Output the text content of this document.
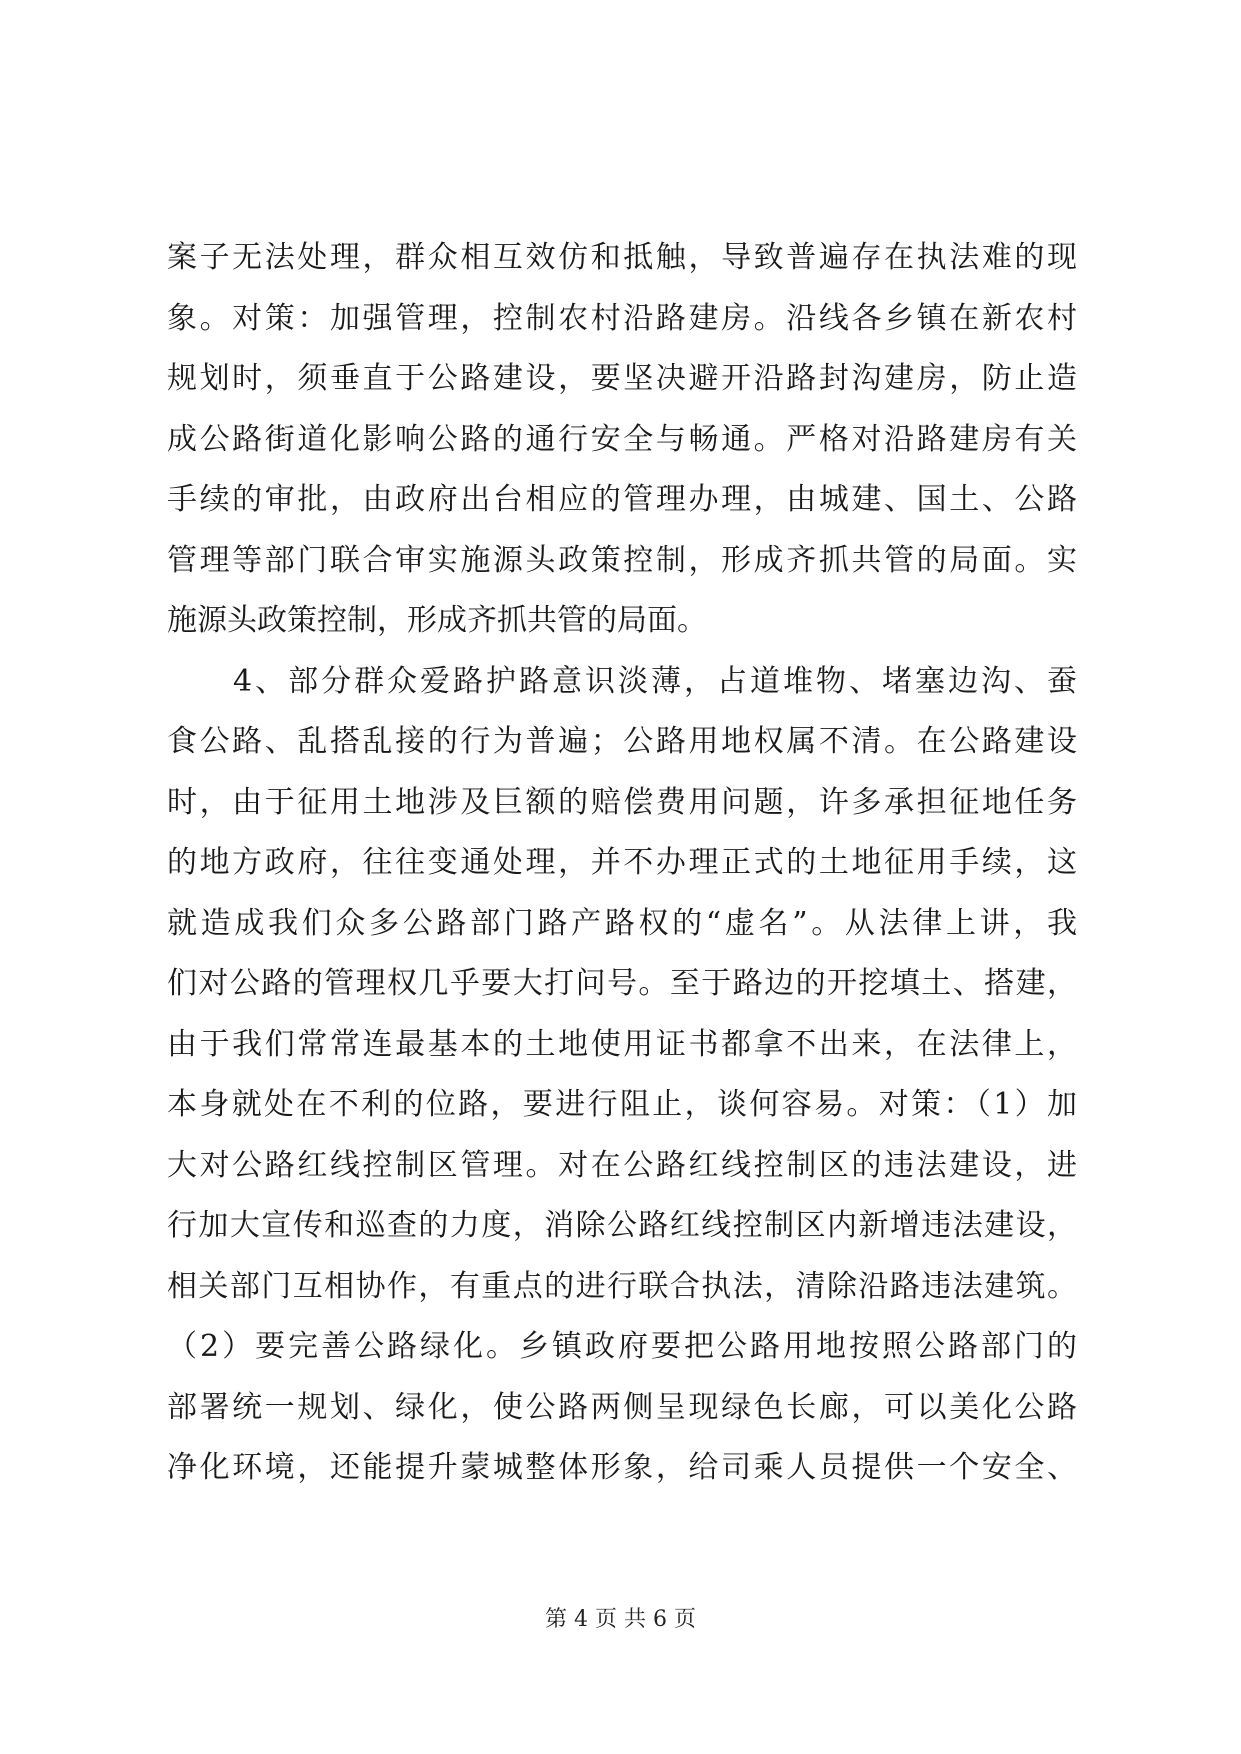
案子无法处理，群众相互效仿和抵触，导致普遍存在执法难的现
象。对策：加强管理，控制农村沿路建房。沿线各乡镇在新农村
规划时，须垂直于公路建设，要坚决避开沿路封沟建房，防止造
成公路街道化影响公路的通行安全与畅通。严格对沿路建房有关
手续的审批，由政府出台相应的管理办理，由城建、国土、公路
管理等部门联合审实施源头政策控制，形成齐抓共管的局面。实
施源头政策控制，形成齐抓共管的局面。
　　4、部分群众爱路护路意识淡薄，占道堆物、堵塞边沟、蚕
食公路、乱搭乱接的行为普遍；公路用地权属不清。在公路建设
时，由于征用土地涉及巨额的赔偿费用问题，许多承担征地任务
的地方政府，往往变通处理，并不办理正式的土地征用手续，这
就造成我们众多公路部门路产路权的“虚名”。从法律上讲，我
们对公路的管理权几乎要大打问号。至于路边的开挖填土、搭建，
由于我们常常连最基本的土地使用证书都拿不出来，在法律上，
本身就处在不利的位路，要进行阻止，谈何容易。对策：（1）加
大对公路红线控制区管理。对在公路红线控制区的违法建设，进
行加大宣传和巡查的力度，消除公路红线控制区内新增违法建设，
相关部门互相协作，有重点的进行联合执法，清除沿路违法建筑。
（2）要完善公路绿化。乡镇政府要把公路用地按照公路部门的
部署统一规划、绿化，使公路两侧呈现绿色长廊，可以美化公路
净化环境，还能提升蒙城整体形象，给司乘人员提供一个安全、
第 4 页 共 6 页
